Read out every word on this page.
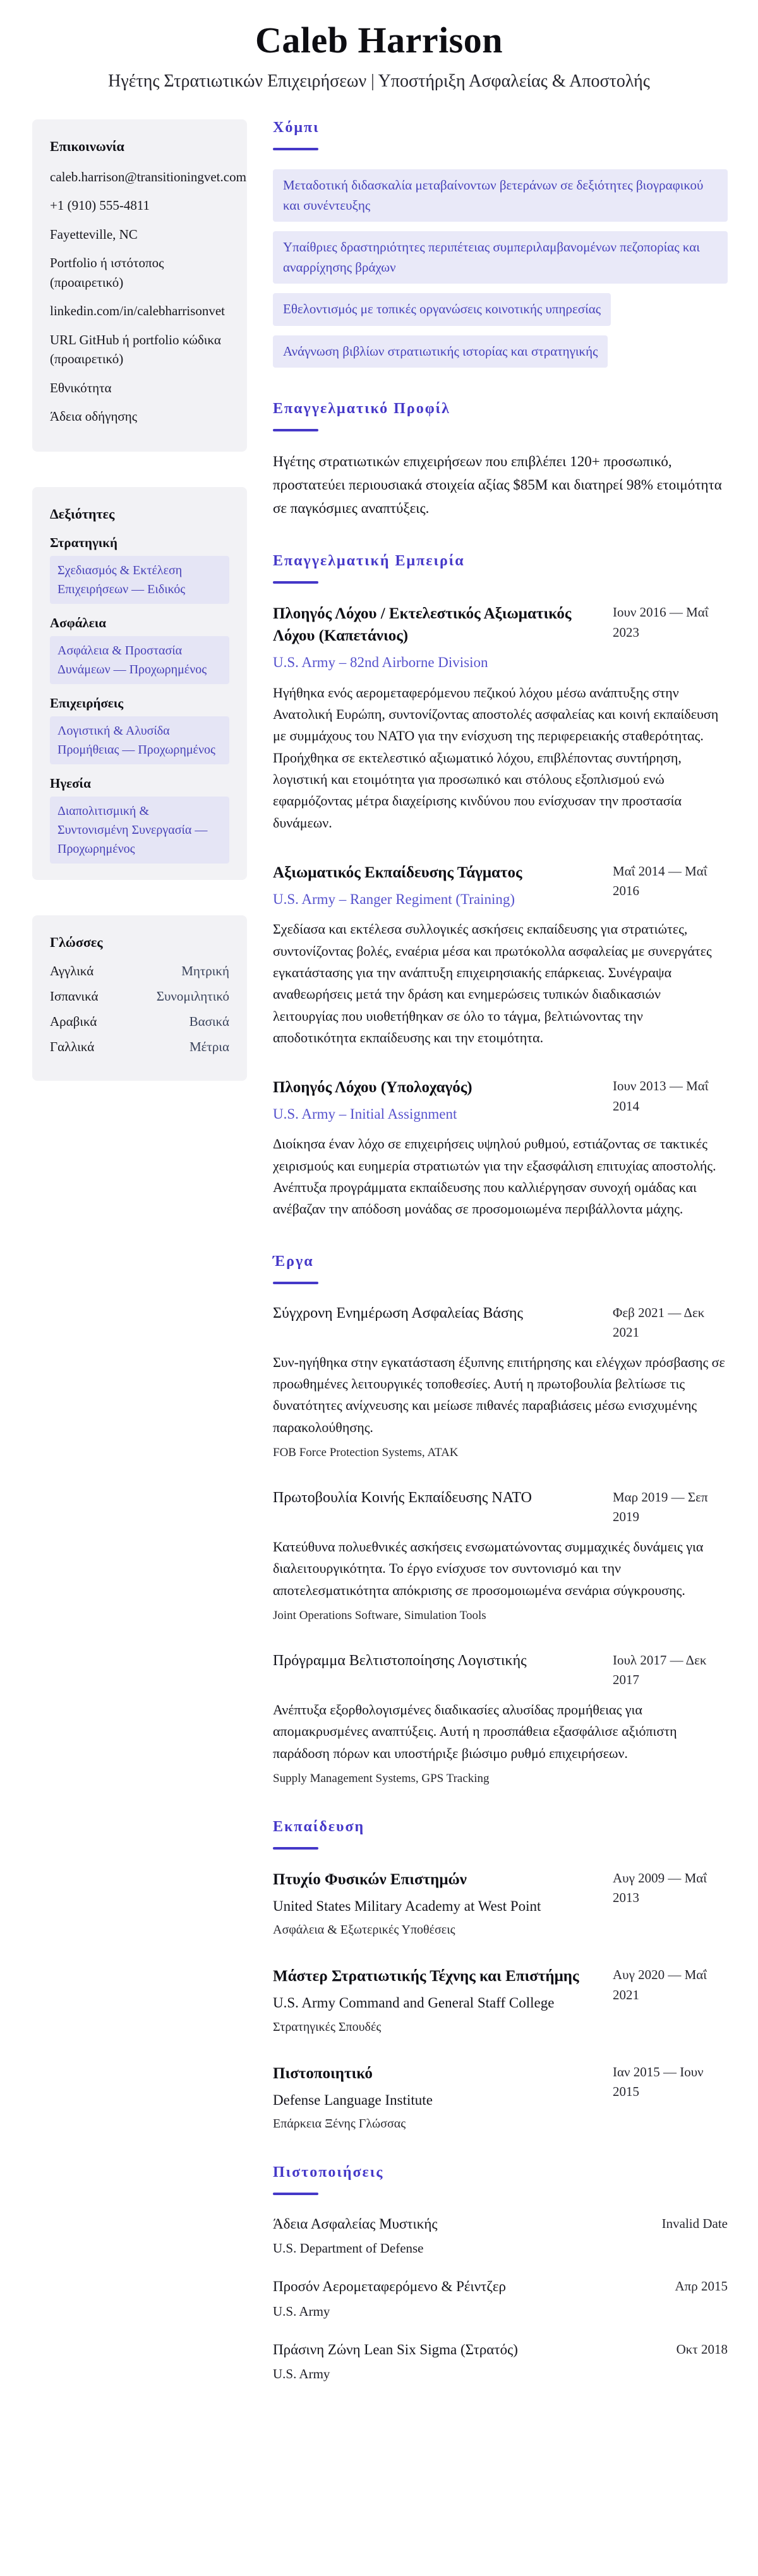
Caleb Harrison
Ηγέτης Στρατιωτικών Επιχειρήσεων | Υποστήριξη Ασφαλείας & Αποστολής
Επικοινωνία
caleb.harrison@transitioningvet.com
+1 (910) 555-4811
Fayetteville, NC
Portfolio ή ιστότοπος (προαιρετικό)
linkedin.com/in/calebharrisonvet
URL GitHub ή portfolio κώδικα (προαιρετικό)
Εθνικότητα
Άδεια οδήγησης
Δεξιότητες
Στρατηγική
Σχεδιασμός & Εκτέλεση Επιχειρήσεων — Ειδικός
Ασφάλεια
Ασφάλεια & Προστασία Δυνάμεων — Προχωρημένος
Επιχειρήσεις
Λογιστική & Αλυσίδα Προμήθειας — Προχωρημένος
Ηγεσία
Διαπολιτισμική & Συντονισμένη Συνεργασία — Προχωρημένος
Γλώσσες
Αγγλικά	Μητρική
Ισπανικά	Συνομιλητικό
Αραβικά	Βασικά
Γαλλικά	Μέτρια
Χόμπι
Μεταδοτική διδασκαλία μεταβαίνοντων βετεράνων σε δεξιότητες βιογραφικού και συνέντευξης
Υπαίθριες δραστηριότητες περιπέτειας συμπεριλαμβανομένων πεζοπορίας και αναρρίχησης βράχων
Εθελοντισμός με τοπικές οργανώσεις κοινοτικής υπηρεσίας
Ανάγνωση βιβλίων στρατιωτικής ιστορίας και στρατηγικής
Επαγγελματικό Προφίλ

Ηγέτης στρατιωτικών επιχειρήσεων που επιβλέπει 120+ προσωπικό, προστατεύει περιουσιακά στοιχεία αξίας $85M και διατηρεί 98% ετοιμότητα σε παγκόσμιες αναπτύξεις.

Επαγγελματική Εμπειρία
Πλοηγός Λόχου / Εκτελεστικός Αξιωματικός Λόχου (Καπετάνιος)
U.S. Army – 82nd Airborne Division
Ιουν 2016 — Μαΐ 2023
Ηγήθηκα ενός αερομεταφερόμενου πεζικού λόχου μέσω ανάπτυξης στην Ανατολική Ευρώπη, συντονίζοντας αποστολές ασφαλείας και κοινή εκπαίδευση με συμμάχους του NATO για την ενίσχυση της περιφερειακής σταθερότητας. Προήχθηκα σε εκτελεστικό αξιωματικό λόχου, επιβλέποντας συντήρηση, λογιστική και ετοιμότητα για προσωπικό και στόλους εξοπλισμού ενώ εφαρμόζοντας μέτρα διαχείρισης κινδύνου που ενίσχυσαν την προστασία δυνάμεων.
Αξιωματικός Εκπαίδευσης Τάγματος
U.S. Army – Ranger Regiment (Training)
Μαΐ 2014 — Μαΐ 2016
Σχεδίασα και εκτέλεσα συλλογικές ασκήσεις εκπαίδευσης για στρατιώτες, συντονίζοντας βολές, εναέρια μέσα και πρωτόκολλα ασφαλείας με συνεργάτες εγκατάστασης για την ανάπτυξη επιχειρησιακής επάρκειας. Συνέγραψα αναθεωρήσεις μετά την δράση και ενημερώσεις τυπικών διαδικασιών λειτουργίας που υιοθετήθηκαν σε όλο το τάγμα, βελτιώνοντας την αποδοτικότητα εκπαίδευσης και την ετοιμότητα.
Πλοηγός Λόχου (Υπολοχαγός)
U.S. Army – Initial Assignment
Ιουν 2013 — Μαΐ 2014
Διοίκησα έναν λόχο σε επιχειρήσεις υψηλού ρυθμού, εστιάζοντας σε τακτικές χειρισμούς και ευημερία στρατιωτών για την εξασφάλιση επιτυχίας αποστολής. Ανέπτυξα προγράμματα εκπαίδευσης που καλλιέργησαν συνοχή ομάδας και ανέβαζαν την απόδοση μονάδας σε προσομοιωμένα περιβάλλοντα μάχης.
Έργα
Σύγχρονη Ενημέρωση Ασφαλείας Βάσης	Φεβ 2021 — Δεκ 2021
Συν-ηγήθηκα στην εγκατάσταση έξυπνης επιτήρησης και ελέγχων πρόσβασης σε προωθημένες λειτουργικές τοποθεσίες. Αυτή η πρωτοβουλία βελτίωσε τις δυνατότητες ανίχνευσης και μείωσε πιθανές παραβιάσεις μέσω ενισχυμένης παρακολούθησης.
FOB Force Protection Systems, ATAK
Πρωτοβουλία Κοινής Εκπαίδευσης NATO	Μαρ 2019 — Σεπ 2019
Κατεύθυνα πολυεθνικές ασκήσεις ενσωματώνοντας συμμαχικές δυνάμεις για διαλειτουργικότητα. Το έργο ενίσχυσε τον συντονισμό και την αποτελεσματικότητα απόκρισης σε προσομοιωμένα σενάρια σύγκρουσης.
Joint Operations Software, Simulation Tools
Πρόγραμμα Βελτιστοποίησης Λογιστικής	Ιουλ 2017 — Δεκ 2017
Ανέπτυξα εξορθολογισμένες διαδικασίες αλυσίδας προμήθειας για απομακρυσμένες αναπτύξεις. Αυτή η προσπάθεια εξασφάλισε αξιόπιστη παράδοση πόρων και υποστήριξε βιώσιμο ρυθμό επιχειρήσεων.
Supply Management Systems, GPS Tracking
Εκπαίδευση
Πτυχίο Φυσικών Επιστημών
United States Military Academy at West Point
Αυγ 2009 — Μαΐ 2013
Ασφάλεια & Εξωτερικές Υποθέσεις
Μάστερ Στρατιωτικής Τέχνης και Επιστήμης
U.S. Army Command and General Staff College
Αυγ 2020 — Μαΐ 2021
Στρατηγικές Σπουδές
Πιστοποιητικό
Defense Language Institute
Ιαν 2015 — Ιουν 2015
Επάρκεια Ξένης Γλώσσας
Πιστοποιήσεις
Άδεια Ασφαλείας Μυστικής
U.S. Department of Defense
Invalid Date
Προσόν Αερομεταφερόμενο & Ρέιντζερ
U.S. Army
Απρ 2015
Πράσινη Ζώνη Lean Six Sigma (Στρατός)
U.S. Army
Οκτ 2018
